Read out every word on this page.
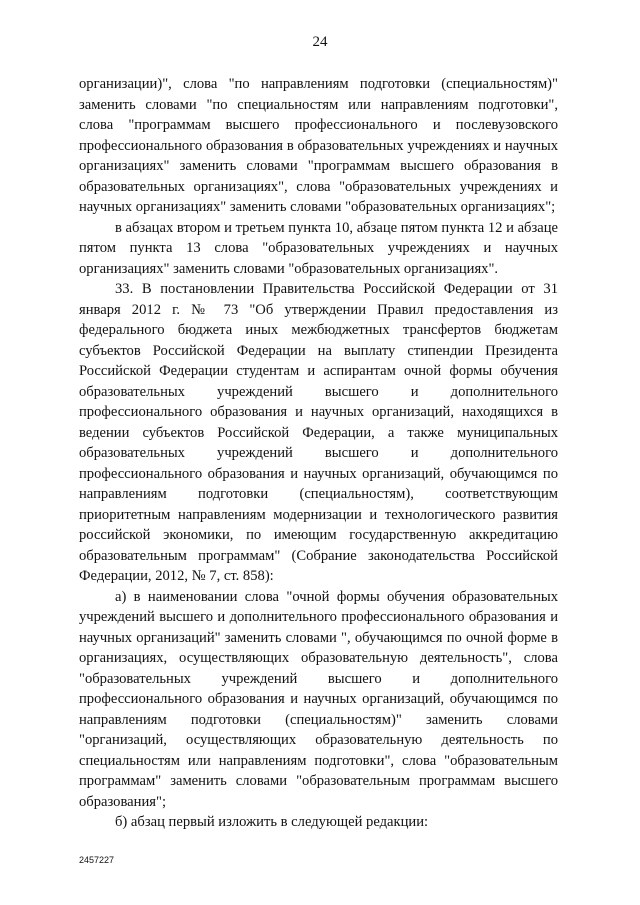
24

организации)", слова "по направлениям подготовки (специальностям)" заменить словами "по специальностям или направлениям подготовки", слова "программам высшего профессионального и послевузовского профессионального образования в образовательных учреждениях и научных организациях" заменить словами "программам высшего образования в образовательных организациях", слова "образовательных учреждениях и научных организациях" заменить словами "образовательных организациях";

в абзацах втором и третьем пункта 10, абзаце пятом пункта 12 и абзаце пятом пункта 13 слова "образовательных учреждениях и научных организациях" заменить словами "образовательных организациях".

33. В постановлении Правительства Российской Федерации от 31 января 2012 г. № 73 "Об утверждении Правил предоставления из федерального бюджета иных межбюджетных трансфертов бюджетам субъектов Российской Федерации на выплату стипендии Президента Российской Федерации студентам и аспирантам очной формы обучения образовательных учреждений высшего и дополнительного профессионального образования и научных организаций, находящихся в ведении субъектов Российской Федерации, а также муниципальных образовательных учреждений высшего и дополнительного профессионального образования и научных организаций, обучающимся по направлениям подготовки (специальностям), соответствующим приоритетным направлениям модернизации и технологического развития российской экономики, по имеющим государственную аккредитацию образовательным программам" (Собрание законодательства Российской Федерации, 2012, № 7, ст. 858):

а) в наименовании слова "очной формы обучения образовательных учреждений высшего и дополнительного профессионального образования и научных организаций" заменить словами ", обучающимся по очной форме в организациях, осуществляющих образовательную деятельность", слова "образовательных учреждений высшего и дополнительного профессионального образования и научных организаций, обучающимся по направлениям подготовки (специальностям)" заменить словами "организаций, осуществляющих образовательную деятельность по специальностям или направлениям подготовки", слова "образовательным программам" заменить словами "образовательным программам высшего образования";

б) абзац первый изложить в следующей редакции:

2457227
